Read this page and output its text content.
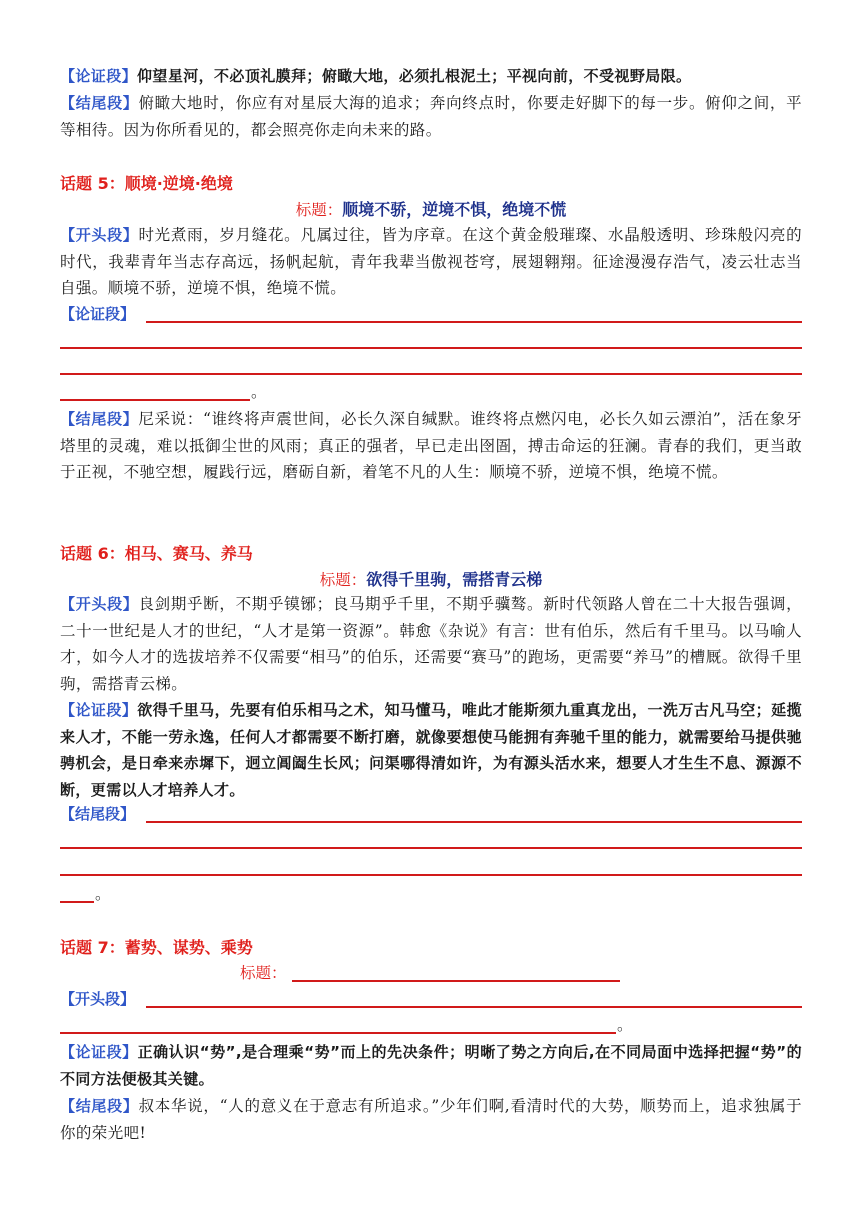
【论证段】仰望星河，不必顶礼膜拜；俯瞰大地，必须扎根泥土；平视向前，不受视野局限。

【结尾段】俯瞰大地时，你应有对星辰大海的追求；奔向终点时，你要走好脚下的每一步。俯仰之间，平等相待。因为你所看见的，都会照亮你走向未来的路。

话题 5：顺境·逆境·绝境
标题：顺境不骄，逆境不惧，绝境不慌

【开头段】时光煮雨，岁月缝花。凡属过往，皆为序章。在这个黄金般璀璨、水晶般透明、珍珠般闪亮的时代，我辈青年当志存高远，扬帆起航，青年我辈当傲视苍穹，展翅翱翔。征途漫漫存浩气，凌云壮志当自强。顺境不骄，逆境不惧，绝境不慌。

【论证段】
。

【结尾段】尼采说：“谁终将声震世间，必长久深自缄默。谁终将点燃闪电，必长久如云漂泊”，活在象牙塔里的灵魂，难以抵御尘世的风雨；真正的强者，早已走出囹圄，搏击命运的狂澜。青春的我们，更当敢于正视，不驰空想，履践行远，磨砺自新，着笔不凡的人生：顺境不骄，逆境不惧，绝境不慌。

话题 6：相马、赛马、养马
标题：欲得千里驹，需搭青云梯

【开头段】良剑期乎断，不期乎镆铘；良马期乎千里，不期乎骥骜。新时代领路人曾在二十大报告强调，二十一世纪是人才的世纪，“人才是第一资源”。韩愈《杂说》有言：世有伯乐，然后有千里马。以马喻人才，如今人才的选拔培养不仅需要“相马”的伯乐，还需要“赛马”的跑场，更需要“养马”的槽厩。欲得千里驹，需搭青云梯。

【论证段】欲得千里马，先要有伯乐相马之术，知马懂马，唯此才能斯须九重真龙出，一洗万古凡马空；延揽来人才，不能一劳永逸，任何人才都需要不断打磨，就像要想使马能拥有奔驰千里的能力，就需要给马提供驰骋机会，是日牵来赤墀下，迥立阊阖生长风；问渠哪得清如许，为有源头活水来，想要人才生生不息、源源不断，更需以人才培养人才。

【结尾段】
。
话题 7：蓄势、谋势、乘势
标题：
【开头段】
。

【论证段】正确认识“势”,是合理乘“势”而上的先决条件；明晰了势之方向后,在不同局面中选择把握“势”的不同方法便极其关键。

【结尾段】叔本华说，“人的意义在于意志有所追求。”少年们啊,看清时代的大势，顺势而上，追求独属于你的荣光吧!
